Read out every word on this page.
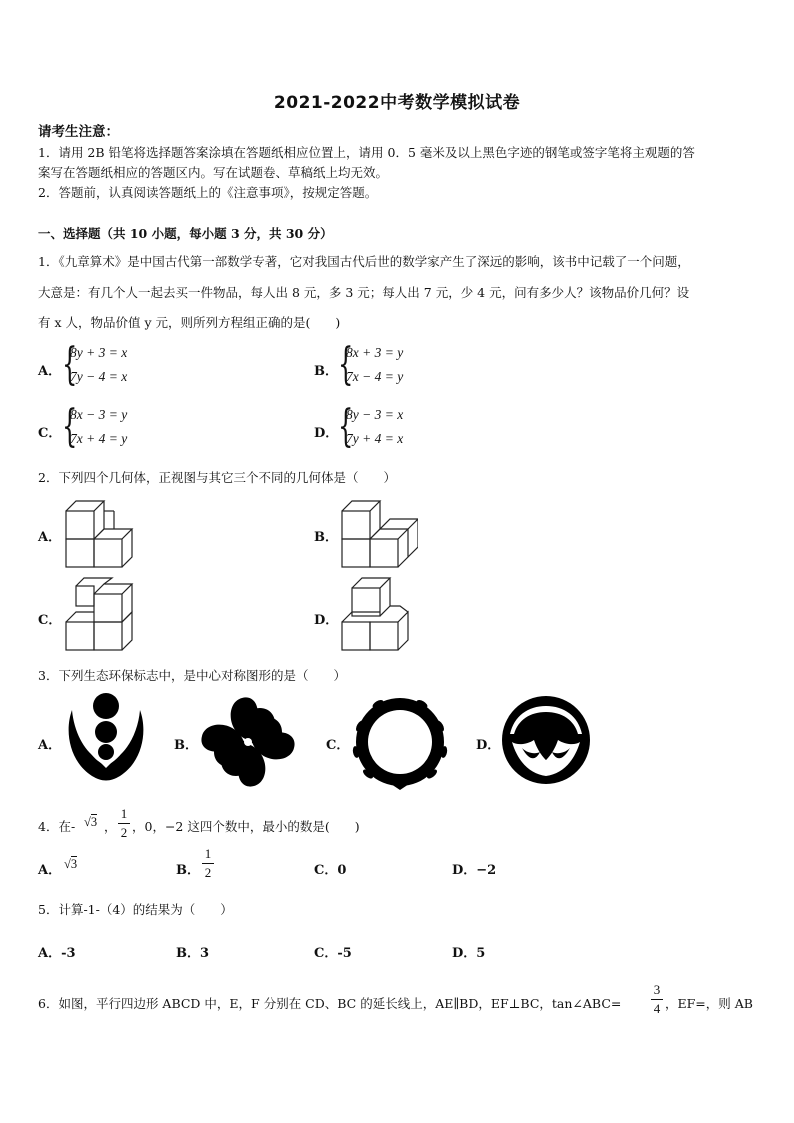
2021-2022中考数学模拟试卷
请考生注意：
1．请用 2B 铅笔将选择题答案涂填在答题纸相应位置上，请用 0．5 毫米及以上黑色字迹的钢笔或签字笔将主观题的答
案写在答题纸相应的答题区内。写在试题卷、草稿纸上均无效。
2．答题前，认真阅读答题纸上的《注意事项》，按规定答题。
一、选择题（共 10 小题，每小题 3 分，共 30 分）
1．《九章算术》是中国古代第一部数学专著，它对我国古代后世的数学家产生了深远的影响，该书中记载了一个问题，
大意是：有几个人一起去买一件物品，每人出 8 元，多 3 元；每人出 7 元，少 4 元，问有多少人？该物品价几何？设
有 x 人，物品价值 y 元，则所列方程组正确的是(　　)
A． {
8y + 3 = x
7y − 4 = x	B． {
8x + 3 = y
7x − 4 = y
C． {
8x − 3 = y
7x + 4 = y	D． {
8y − 3 = x
7y + 4 = x
2．下列四个几何体，正视图与其它三个不同的几何体是（　　）
A．	B．
C．	D．
3．下列生态环保标志中，是中心对称图形的是（　　）
A．	B．	C．	D．
4．在- √3 ，
1
2 ，0，−2 这四个数中，最小的数是(　　)
A． √3	B．
1
2	C．0	D．−2
5．计算-1-（4）的结果为（　　）
A．-3	B．3	C．-5	D．5
6．如图，平行四边形 ABCD 中，E，F 分别在 CD、BC 的延长线上，AE∥BD，EF⊥BC，tan∠ABC=
3
4 ，EF=，则 AB
